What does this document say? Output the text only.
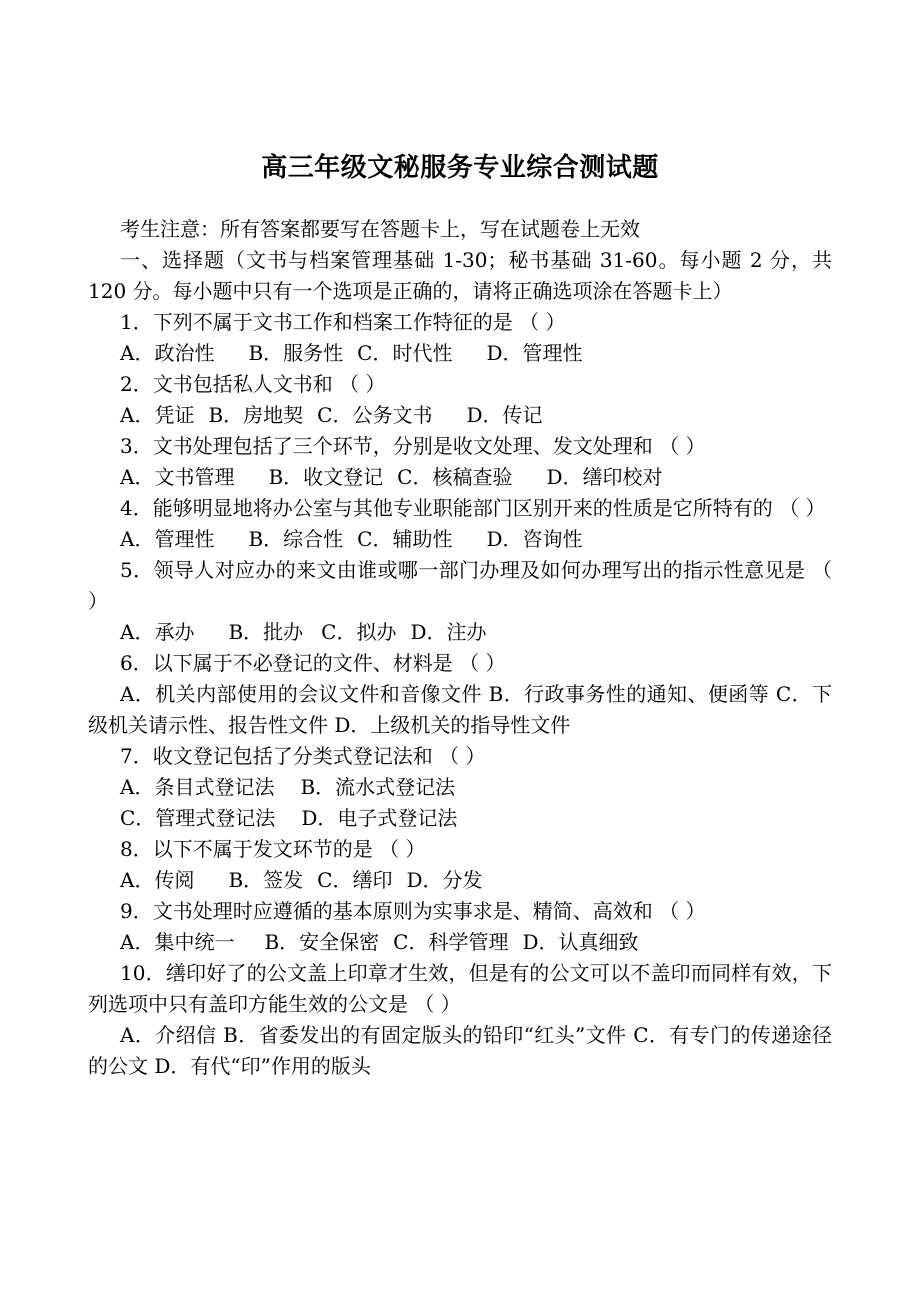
高三年级文秘服务专业综合测试题
考生注意：所有答案都要写在答题卡上，写在试题卷上无效
一、选择题（文书与档案管理基础 1-30；秘书基础 31-60。每小题 2 分，共 120 分。每小题中只有一个选项是正确的，请将正确选项涂在答题卡上）
1．下列不属于文书工作和档案工作特征的是 （ ）
A．政治性 B．服务性 C．时代性 D．管理性
2．文书包括私人文书和 （ ）
A．凭证 B．房地契 C．公务文书 D．传记
3．文书处理包括了三个环节，分别是收文处理、发文处理和 （ ）
A．文书管理 B．收文登记 C．核稿查验 D．缮印校对
4．能够明显地将办公室与其他专业职能部门区别开来的性质是它所特有的 （ ）
A．管理性 B．综合性 C．辅助性 D．咨询性
5．领导人对应办的来文由谁或哪一部门办理及如何办理写出的指示性意见是 （ ）
A．承办 B．批办 C．拟办 D．注办
6．以下属于不必登记的文件、材料是 （ ）
A．机关内部使用的会议文件和音像文件 B．行政事务性的通知、便函等 C．下级机关请示性、报告性文件 D．上级机关的指导性文件
7．收文登记包括了分类式登记法和 （ ）
A．条目式登记法 B．流水式登记法
C．管理式登记法 D．电子式登记法
8．以下不属于发文环节的是 （ ）
A．传阅 B．签发 C．缮印 D．分发
9．文书处理时应遵循的基本原则为实事求是、精简、高效和 （ ）
A．集中统一 B．安全保密 C．科学管理 D．认真细致
10．缮印好了的公文盖上印章才生效，但是有的公文可以不盖印而同样有效，下列选项中只有盖印方能生效的公文是 （ ）
A．介绍信 B．省委发出的有固定版头的铅印“红头”文件 C．有专门的传递途径的公文 D．有代“印”作用的版头
